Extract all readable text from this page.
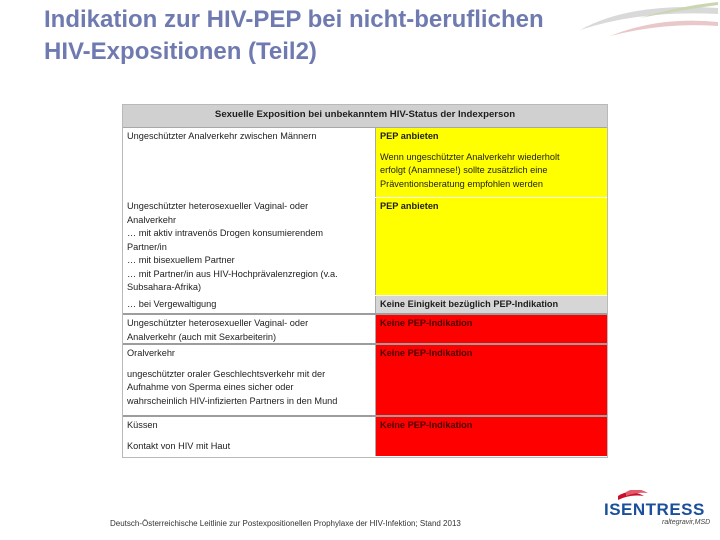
Indikation zur HIV-PEP bei nicht-beruflichen
HIV-Expositionen (Teil2)
Sexuelle Exposition bei unbekanntem HIV-Status der Indexperson
Ungeschützter Analverkehr zwischen Männern	PEP anbieten
Wenn ungeschützter Analverkehr wiederholt
erfolgt (Anamnese!) sollte zusätzlich eine
Präventionsberatung empfohlen werden
Ungeschützter heterosexueller Vaginal- oder
Analverkehr
… mit aktiv intravenös Drogen konsumierendem
Partner/in
… mit bisexuellem Partner
… mit Partner/in aus HIV-Hochprävalenzregion (v.a.
Subsahara-Afrika)
PEP anbieten
… bei Vergewaltigung	Keine Einigkeit bezüglich PEP-Indikation
Ungeschützter heterosexueller Vaginal- oder
Analverkehr (auch mit Sexarbeiterin)
Keine PEP-Indikation
Oralverkehr
ungeschützter oraler Geschlechtsverkehr mit der
Aufnahme von Sperma eines sicher oder
wahrscheinlich HIV-infizierten Partners in den Mund
Keine PEP-Indikation
Küssen
Kontakt von HIV mit Haut
Keine PEP-Indikation
Deutsch-Österreichische Leitlinie zur Postexpositionellen Prophylaxe der HIV-Infektion; Stand 2013
ISENTRESS
raltegravir,MSD
